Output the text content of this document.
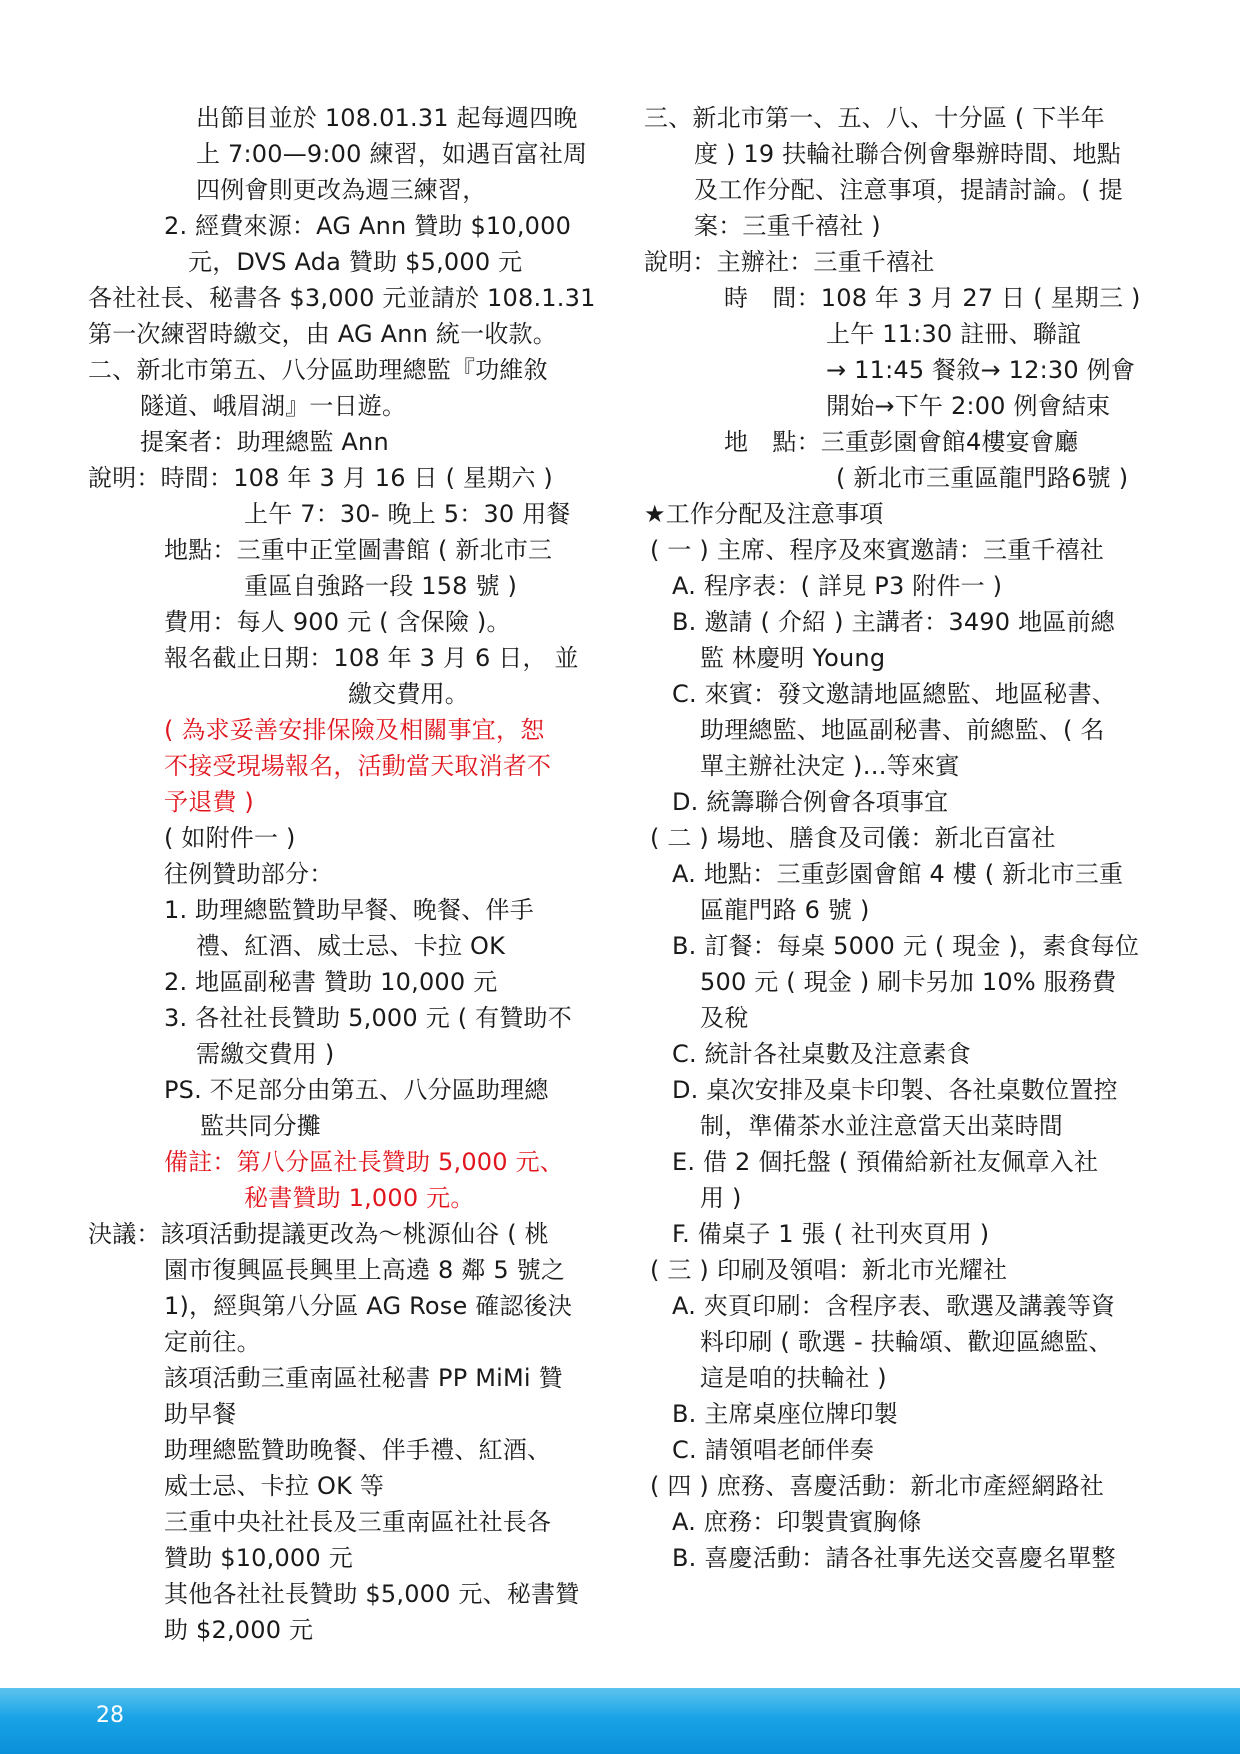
出節目並於 108.01.31 起每週四晚
上 7:00—9:00 練習，如遇百富社周
四例會則更改為週三練習，
2. 經費來源：AG Ann 贊助 $10,000
元，DVS Ada 贊助 $5,000 元
各社社長、秘書各 $3,000 元並請於 108.1.31
第一次練習時繳交，由 AG Ann 統一收款。
二、新北市第五、八分區助理總監『功維敘
隧道、峨眉湖』一日遊。
提案者：助理總監 Ann
說明：時間：108 年 3 月 16 日 ( 星期六 )
上午 7：30- 晚上 5：30 用餐
地點：三重中正堂圖書館 ( 新北市三
重區自強路一段 158 號 )
費用：每人 900 元 ( 含保險 )。
報名截止日期：108 年 3 月 6 日， 並
繳交費用。
( 為求妥善安排保險及相關事宜，恕
不接受現場報名，活動當天取消者不
予退費 )
( 如附件一 )
往例贊助部分：
1. 助理總監贊助早餐、晚餐、伴手
禮、紅酒、威士忌、卡拉 OK
2. 地區副秘書 贊助 10,000 元
3. 各社社長贊助 5,000 元 ( 有贊助不
需繳交費用 )
PS. 不足部分由第五、八分區助理總
監共同分攤
備註：第八分區社長贊助 5,000 元、
秘書贊助 1,000 元。
決議：該項活動提議更改為～桃源仙谷 ( 桃
園市復興區長興里上高遶 8 鄰 5 號之
1)，經與第八分區 AG Rose 確認後決
定前往。
該項活動三重南區社秘書 PP MiMi 贊
助早餐
助理總監贊助晚餐、伴手禮、紅酒、
威士忌、卡拉 OK 等
三重中央社社長及三重南區社社長各
贊助 $10,000 元
其他各社社長贊助 $5,000 元、秘書贊
助 $2,000 元
三、新北市第一、五、八、十分區 ( 下半年
度 ) 19 扶輪社聯合例會舉辦時間、地點
及工作分配、注意事項，提請討論。( 提
案：三重千禧社 )
說明：主辦社：三重千禧社
時　間：108 年 3 月 27 日 ( 星期三 )
上午 11:30 註冊、聯誼
→ 11:45 餐敘→ 12:30 例會
開始→下午 2:00 例會結束
地　點：三重彭園會館4樓宴會廳
( 新北市三重區龍門路6號 )
★工作分配及注意事項
( 一 ) 主席、程序及來賓邀請：三重千禧社
A. 程序表：( 詳見 P3 附件一 )
B. 邀請 ( 介紹 ) 主講者：3490 地區前總
監 林慶明 Young
C. 來賓：發文邀請地區總監、地區秘書、
助理總監、地區副秘書、前總監、( 名
單主辦社決定 )…等來賓
D. 統籌聯合例會各項事宜
( 二 ) 場地、膳食及司儀：新北百富社
A. 地點：三重彭園會館 4 樓 ( 新北市三重
區龍門路 6 號 )
B. 訂餐：每桌 5000 元 ( 現金 )，素食每位
500 元 ( 現金 ) 刷卡另加 10% 服務費
及稅
C. 統計各社桌數及注意素食
D. 桌次安排及桌卡印製、各社桌數位置控
制，準備茶水並注意當天出菜時間
E. 借 2 個托盤 ( 預備給新社友佩章入社
用 )
F. 備桌子 1 張 ( 社刊夾頁用 )
( 三 ) 印刷及領唱：新北市光耀社
A. 夾頁印刷：含程序表、歌選及講義等資
料印刷 ( 歌選 - 扶輪頌、歡迎區總監、
這是咱的扶輪社 )
B. 主席桌座位牌印製
C. 請領唱老師伴奏
( 四 ) 庶務、喜慶活動：新北市產經網路社
A. 庶務：印製貴賓胸條
B. 喜慶活動：請各社事先送交喜慶名單整
28
